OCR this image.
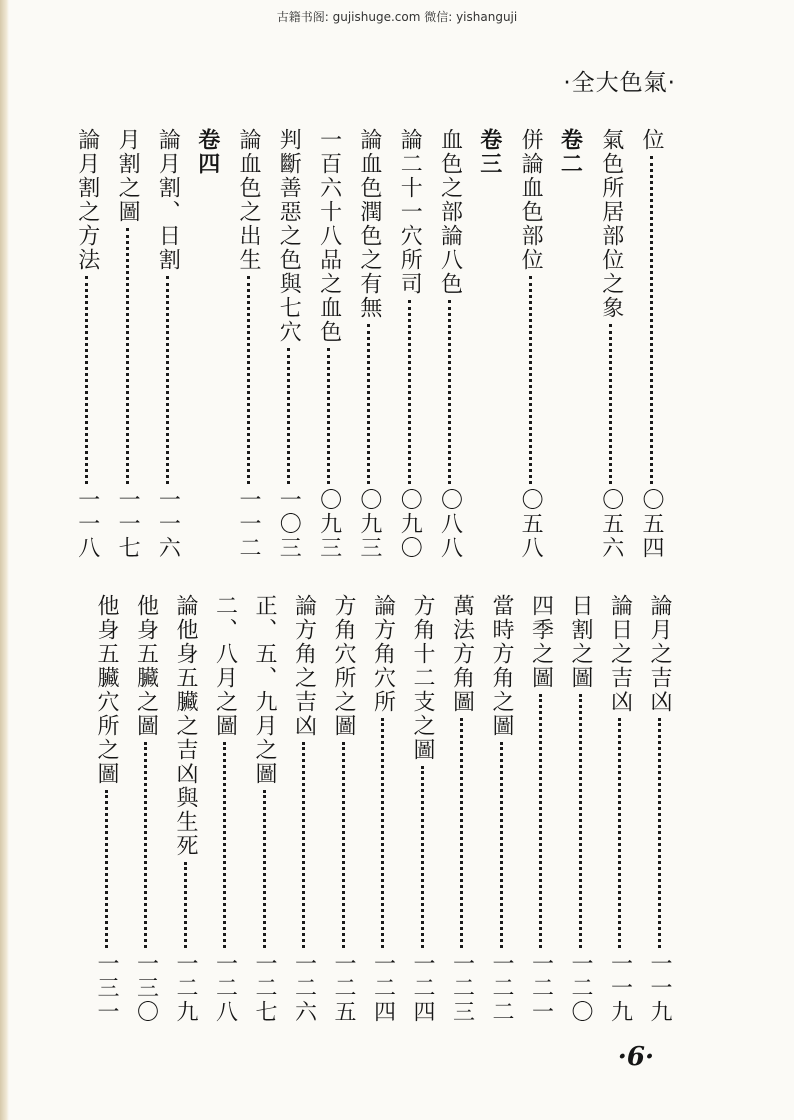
古籍书阁: gujishuge.com 微信: yishanguji
·全大色氣·
位
〇五四
氣色所居部位之象
〇五六
卷二
併論血色部位
〇五八
卷三
血色之部論八色
〇八八
論二十一穴所司
〇九〇
論血色潤色之有無
〇九三
一百六十八品之血色
〇九三
判斷善惡之色與七穴
一〇三
論血色之出生
一一二
卷四
論月割、日割
一一六
月割之圖
一一七
論月割之方法
一一八
論月之吉凶
一一九
論日之吉凶
一一九
日割之圖
一二〇
四季之圖
一二一
當時方角之圖
一二二
萬法方角圖
一二三
方角十二支之圖
一二四
論方角穴所
一二四
方角穴所之圖
一二五
論方角之吉凶
一二六
正、五、九月之圖
一二七
二、八月之圖
一二八
論他身五臟之吉凶與生死
一二九
他身五臟之圖
一三〇
他身五臟穴所之圖
一三一
·6·
